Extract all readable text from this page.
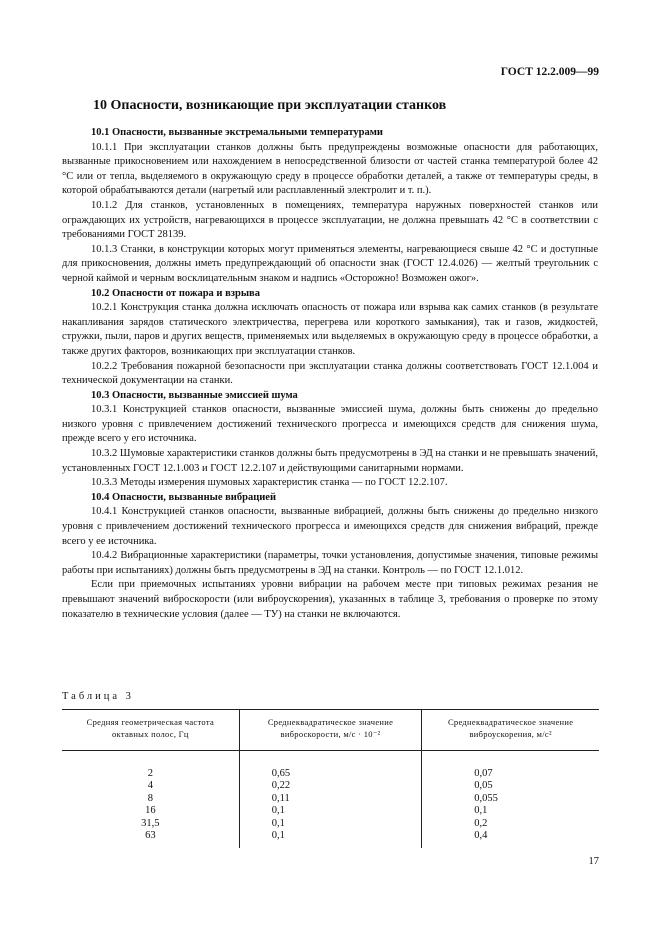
ГОСТ 12.2.009—99
10 Опасности, возникающие при эксплуатации станков

10.1 Опасности, вызванные экстремальными температурами

10.1.1 При эксплуатации станков должны быть предупреждены возможные опасности для работающих, вызванные прикосновением или нахождением в непосредственной близости от частей станка температурой более 42 °С или от тепла, выделяемого в окружающую среду в процессе обработки деталей, а также от температуры среды, в которой обрабатываются детали (нагретый или расплавленный электролит и т. п.).

10.1.2 Для станков, установленных в помещениях, температура наружных поверхностей станков или ограждающих их устройств, нагревающихся в процессе эксплуатации, не должна превышать 42 °С в соответствии с требованиями ГОСТ 28139.

10.1.3 Станки, в конструкции которых могут применяться элементы, нагревающиеся свыше 42 °С и доступные для прикосновения, должны иметь предупреждающий об опасности знак (ГОСТ 12.4.026) — желтый треугольник с черной каймой и черным восклицательным знаком и надпись «Осторожно! Возможен ожог».

10.2 Опасности от пожара и взрыва

10.2.1 Конструкция станка должна исключать опасность от пожара или взрыва как самих станков (в результате накапливания зарядов статического электричества, перегрева или короткого замыкания), так и газов, жидкостей, стружки, пыли, паров и других веществ, применяемых или выделяемых в окружающую среду в процессе обработки, а также других факторов, возникающих при эксплуатации станков.

10.2.2 Требования пожарной безопасности при эксплуатации станка должны соответствовать ГОСТ 12.1.004 и технической документации на станки.

10.3 Опасности, вызванные эмиссией шума

10.3.1 Конструкцией станков опасности, вызванные эмиссией шума, должны быть снижены до предельно низкого уровня с привлечением достижений технического прогресса и имеющихся средств для снижения шума, прежде всего у его источника.

10.3.2 Шумовые характеристики станков должны быть предусмотрены в ЭД на станки и не превышать значений, установленных ГОСТ 12.1.003 и ГОСТ 12.2.107 и действующими санитарными нормами.

10.3.3 Методы измерения шумовых характеристик станка — по ГОСТ 12.2.107.

10.4 Опасности, вызванные вибрацией

10.4.1 Конструкцией станков опасности, вызванные вибрацией, должны быть снижены до предельно низкого уровня с привлечением достижений технического прогресса и имеющихся средств для снижения вибраций, прежде всего у ее источника.

10.4.2 Вибрационные характеристики (параметры, точки установления, допустимые значения, типовые режимы работы при испытаниях) должны быть предусмотрены в ЭД на станки. Контроль — по ГОСТ 12.1.012.

Если при приемочных испытаниях уровни вибрации на рабочем месте при типовых режимах резания не превышают значений виброскорости (или виброускорения), указанных в таблице 3, требования о проверке по этому показателю в технические условия (далее — ТУ) на станки не включаются.

Таблица 3
Средняя геометрическая частота октавных полос, Гц	Среднеквадратическое значение виброскорости, м/с · 10⁻²	Среднеквадратическое значение виброускорения, м/с²

2	0,65	0,07
4	0,22	0,05
8	0,11	0,055
16	0,1	0,1
31,5	0,1	0,2
63	0,1	0,4

17
